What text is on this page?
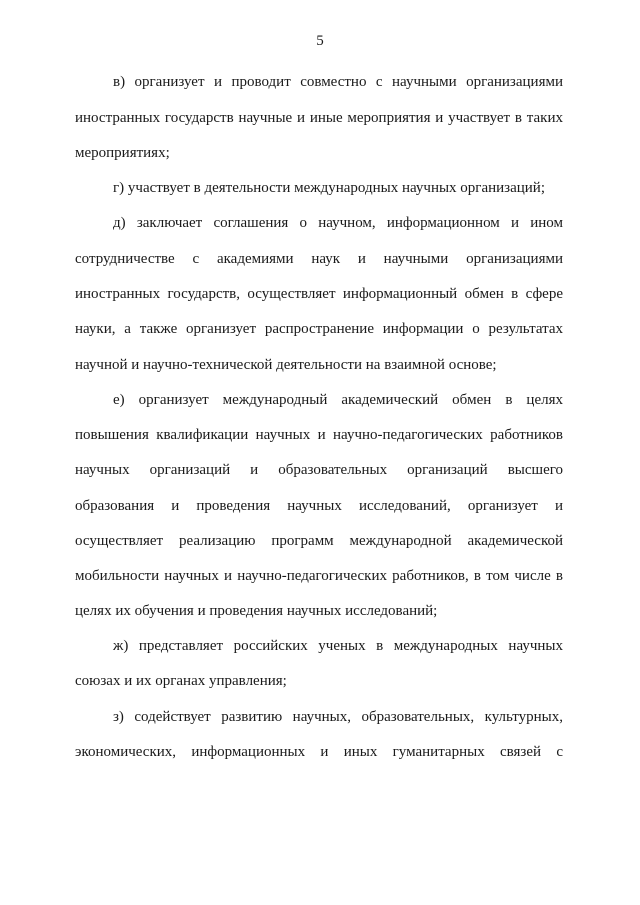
5
в) организует и проводит совместно с научными организациями
иностранных государств научные и иные мероприятия и участвует в таких
мероприятиях;
г) участвует в деятельности международных научных организаций;
д) заключает соглашения о научном, информационном и ином
сотрудничестве с академиями наук и научными организациями
иностранных государств, осуществляет информационный обмен в сфере
науки, а также организует распространение информации о результатах
научной и научно-технической деятельности на взаимной основе;
е) организует международный академический обмен в целях
повышения квалификации научных и научно-педагогических работников
научных организаций и образовательных организаций высшего
образования и проведения научных исследований, организует и
осуществляет реализацию программ международной академической
мобильности научных и научно-педагогических работников, в том числе в
целях их обучения и проведения научных исследований;
ж) представляет российских ученых в международных научных
союзах и их органах управления;
з) содействует развитию научных, образовательных, культурных,
экономических, информационных и иных гуманитарных связей с
